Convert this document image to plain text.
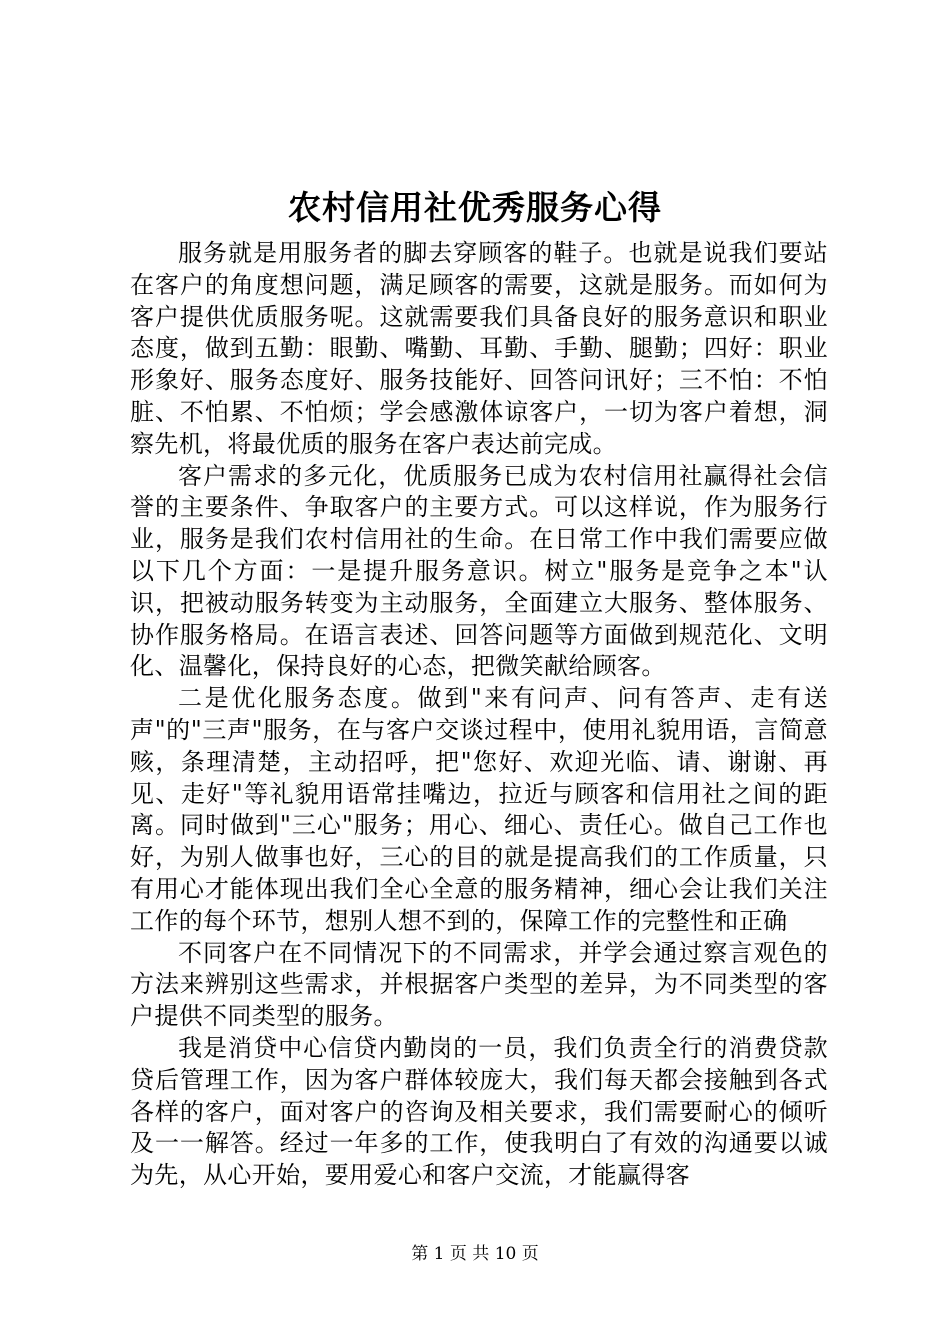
农村信用社优秀服务心得

服务就是用服务者的脚去穿顾客的鞋子。也就是说我们要站在客户的角度想问题，满足顾客的需要，这就是服务。而如何为客户提供优质服务呢。这就需要我们具备良好的服务意识和职业态度，做到五勤：眼勤、嘴勤、耳勤、手勤、腿勤；四好：职业形象好、服务态度好、服务技能好、回答问讯好；三不怕：不怕脏、不怕累、不怕烦；学会感激体谅客户，一切为客户着想，洞察先机，将最优质的服务在客户表达前完成。

客户需求的多元化，优质服务已成为农村信用社赢得社会信誉的主要条件、争取客户的主要方式。可以这样说，作为服务行业，服务是我们农村信用社的生命。在日常工作中我们需要应做以下几个方面：一是提升服务意识。树立"服务是竞争之本"认识，把被动服务转变为主动服务，全面建立大服务、整体服务、协作服务格局。在语言表述、回答问题等方面做到规范化、文明化、温馨化，保持良好的心态，把微笑献给顾客。

二是优化服务态度。做到"来有问声、问有答声、走有送声"的"三声"服务，在与客户交谈过程中，使用礼貌用语，言简意赅，条理清楚，主动招呼，把"您好、欢迎光临、请、谢谢、再见、走好"等礼貌用语常挂嘴边，拉近与顾客和信用社之间的距离。同时做到"三心"服务；用心、细心、责任心。做自己工作也好，为别人做事也好，三心的目的就是提高我们的工作质量，只有用心才能体现出我们全心全意的服务精神，细心会让我们关注工作的每个环节，想别人想不到的，保障工作的完整性和正确

不同客户在不同情况下的不同需求，并学会通过察言观色的方法来辨别这些需求，并根据客户类型的差异，为不同类型的客户提供不同类型的服务。

我是消贷中心信贷内勤岗的一员，我们负责全行的消费贷款贷后管理工作，因为客户群体较庞大，我们每天都会接触到各式各样的客户，面对客户的咨询及相关要求，我们需要耐心的倾听及一一解答。经过一年多的工作，使我明白了有效的沟通要以诚为先，从心开始，要用爱心和客户交流，才能赢得客

第 1 页 共 10 页
